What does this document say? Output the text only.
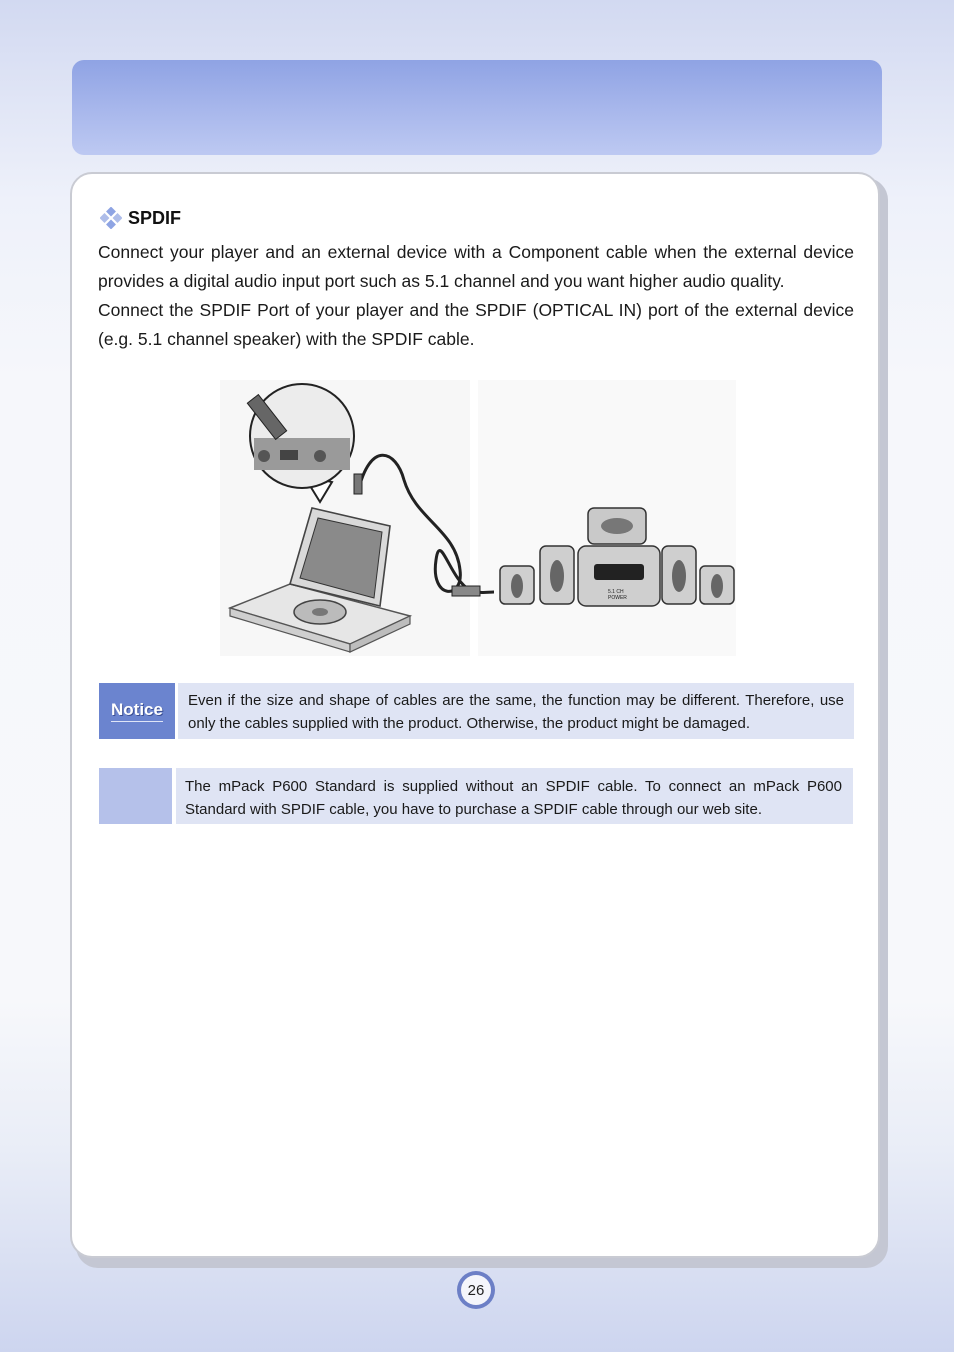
SPDIF

Connect your player and an external device with a Component cable when the external device provides a digital audio input port such as 5.1 channel and you want higher audio quality.

Connect the SPDIF Port of your player and the SPDIF (OPTICAL IN) port of the external device (e.g. 5.1 channel speaker) with the SPDIF cable.

5.1 CH
POWER
Notice	Even if the size and shape of cables are the same, the function may be different. Therefore, use only the cables supplied with the product. Otherwise, the product might be damaged.
The mPack P600 Standard is supplied without an SPDIF cable. To connect an mPack P600 Standard with SPDIF cable, you have to purchase a SPDIF cable through our web site.
26
